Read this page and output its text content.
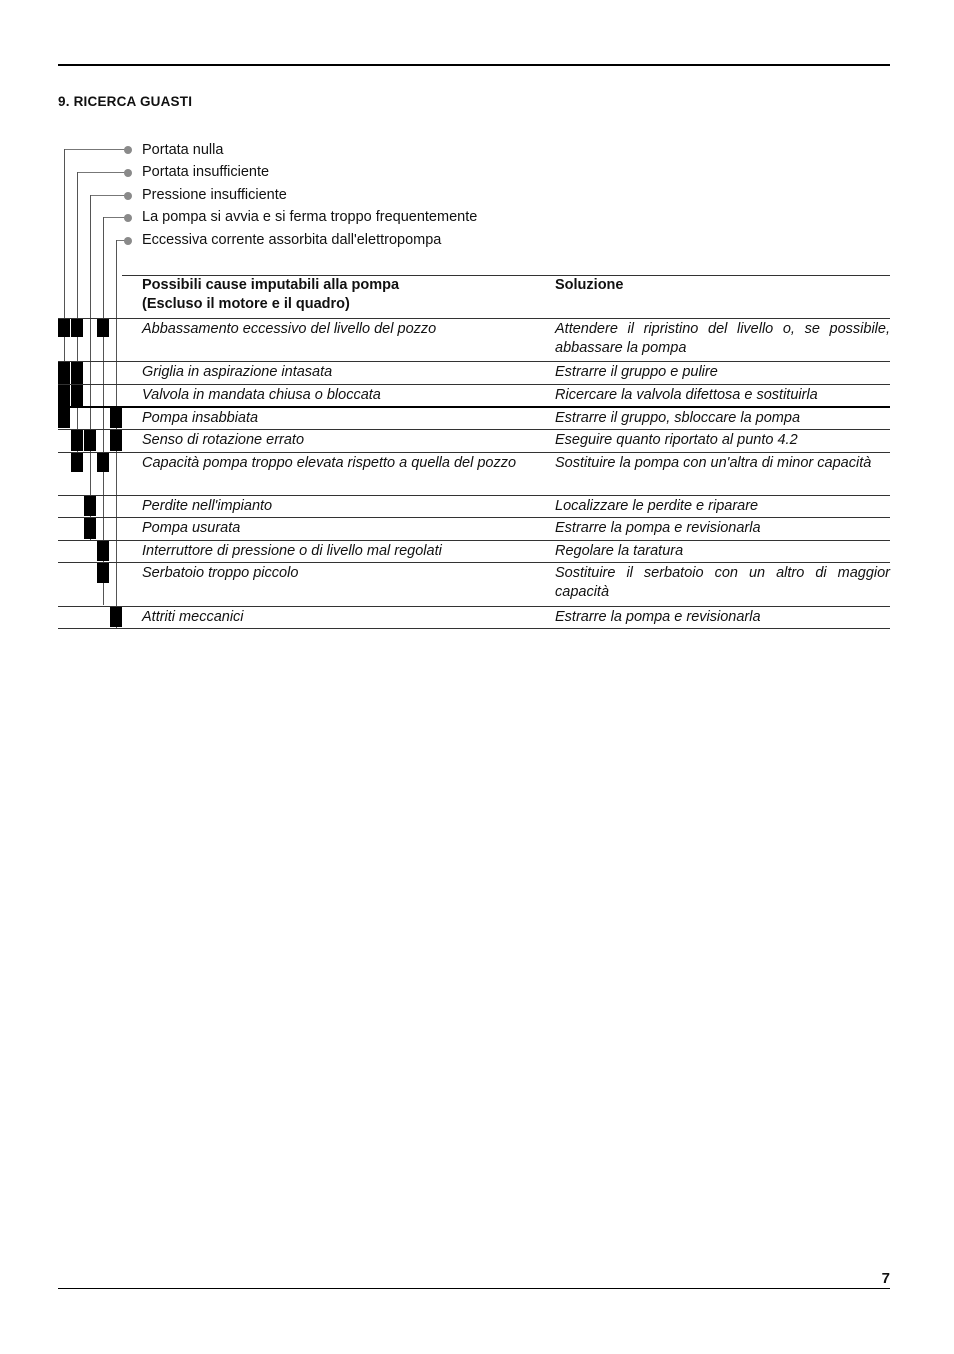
9. RICERCA GUASTI
Portata nulla
Portata insufficiente
Pressione insufficiente
La pompa si avvia e si ferma troppo frequentemente
Eccessiva corrente assorbita dall'elettropompa
Possibili cause imputabili alla pompa
(Escluso il motore e il quadro)
Soluzione
Abbassamento eccessivo del livello del pozzo	Attendere il ripristino del livello o, se possibile, abbassare la pompa
Griglia in aspirazione intasata	Estrarre il gruppo e pulire
Valvola in mandata chiusa o bloccata	Ricercare la valvola difettosa e sostituirla
Pompa insabbiata	Estrarre il gruppo, sbloccare la pompa
Senso di rotazione errato	Eseguire quanto riportato al punto 4.2
Capacità pompa troppo elevata rispetto a quella del pozzo	Sostituire la pompa con un'altra di minor capacità
Perdite nell'impianto	Localizzare le perdite e riparare
Pompa usurata	Estrarre la pompa e revisionarla
Interruttore di pressione o di livello mal regolati	Regolare la taratura
Serbatoio troppo piccolo	Sostituire il serbatoio con un altro di maggior capacità
Attriti meccanici	Estrarre la pompa e revisionarla
7
